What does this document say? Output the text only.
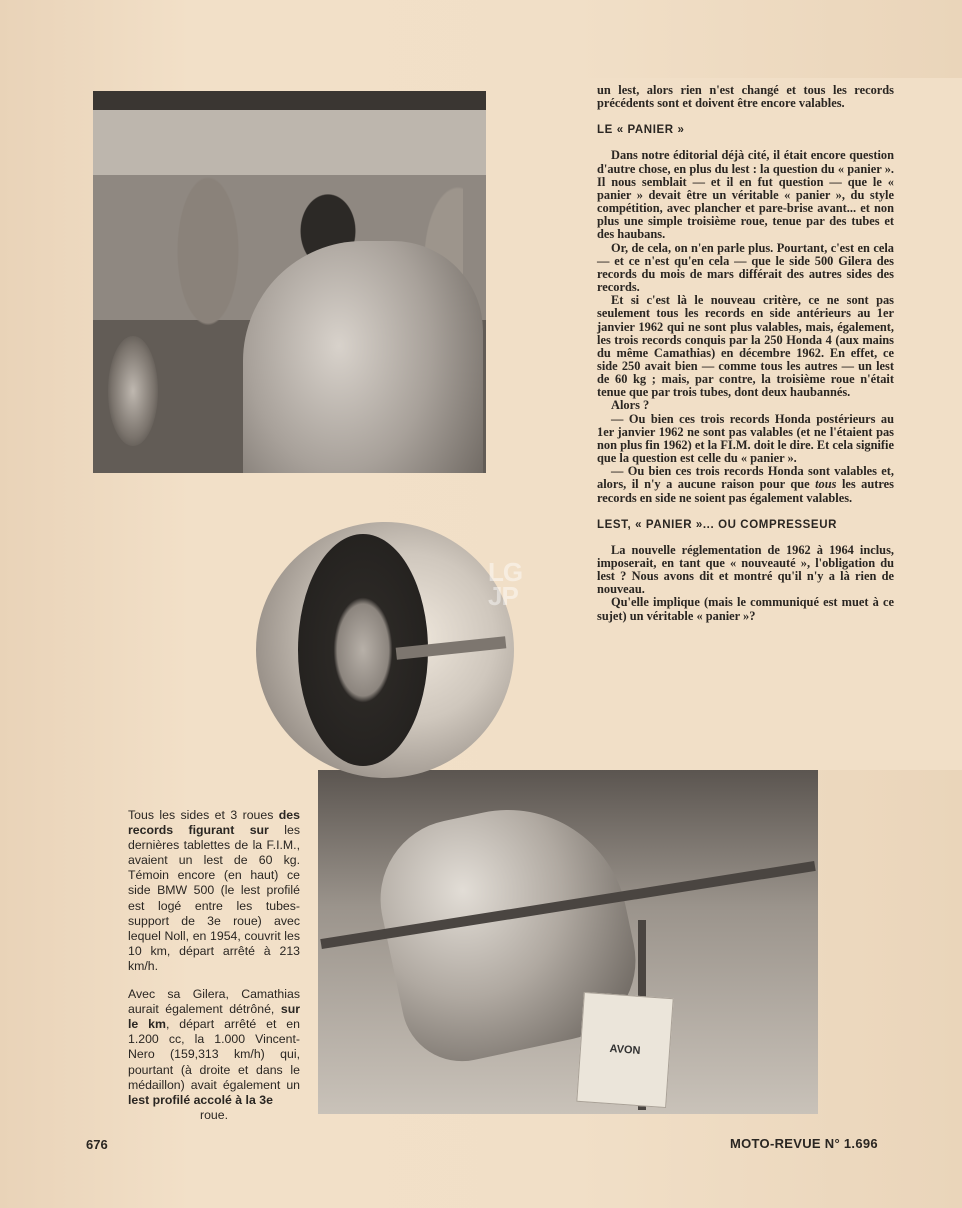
AVON
LG
JP

un lest, alors rien n'est changé et tous les records précédents sont et doivent être encore valables.

LE « PANIER »

Dans notre éditorial déjà cité, il était encore question d'autre chose, en plus du lest : la question du « panier ». Il nous semblait — et il en fut question — que le « panier » devait être un véritable « panier », du style compétition, avec plancher et pare-brise avant... et non plus une simple troisième roue, tenue par des tubes et des haubans.

Or, de cela, on n'en parle plus. Pourtant, c'est en cela — et ce n'est qu'en cela — que le side 500 Gilera des records du mois de mars différait des autres sides des records.

Et si c'est là le nouveau critère, ce ne sont pas seulement tous les records en side antérieurs au 1er janvier 1962 qui ne sont plus valables, mais, également, les trois records conquis par la 250 Honda 4 (aux mains du même Camathias) en décembre 1962. En effet, ce side 250 avait bien — comme tous les autres — un lest de 60 kg ; mais, par contre, la troisième roue n'était tenue que par trois tubes, dont deux haubannés.

Alors ?

— Ou bien ces trois records Honda postérieurs au 1er janvier 1962 ne sont pas valables (et ne l'étaient pas non plus fin 1962) et la FI.M. doit le dire. Et cela signifie que la question est celle du « panier ».

— Ou bien ces trois records Honda sont valables et, alors, il n'y a aucune raison pour que tous les autres records en side ne soient pas également valables.

LEST, « PANIER »... OU COMPRESSEUR

La nouvelle réglementation de 1962 à 1964 inclus, imposerait, en tant que « nouveauté », l'obligation du lest ? Nous avons dit et montré qu'il n'y a là rien de nouveau.

Qu'elle implique (mais le communiqué est muet à ce sujet) un véritable « panier »?

Tous les sides et 3 roues des records figurant sur les dernières tablettes de la F.I.M., avaient un lest de 60 kg. Témoin encore (en haut) ce side BMW 500 (le lest profilé est logé entre les tubes-support de 3e roue) avec lequel Noll, en 1954, couvrit les 10 km, départ arrêté à 213 km/h.

Avec sa Gilera, Camathias aurait également détrôné, sur le km, départ arrêté et en 1.200 cc, la 1.000 Vincent-Nero (159,313 km/h) qui, pourtant (à droite et dans le médaillon) avait également un lest profilé accolé à la 3e
roue.

676	MOTO-REVUE N° 1.696
